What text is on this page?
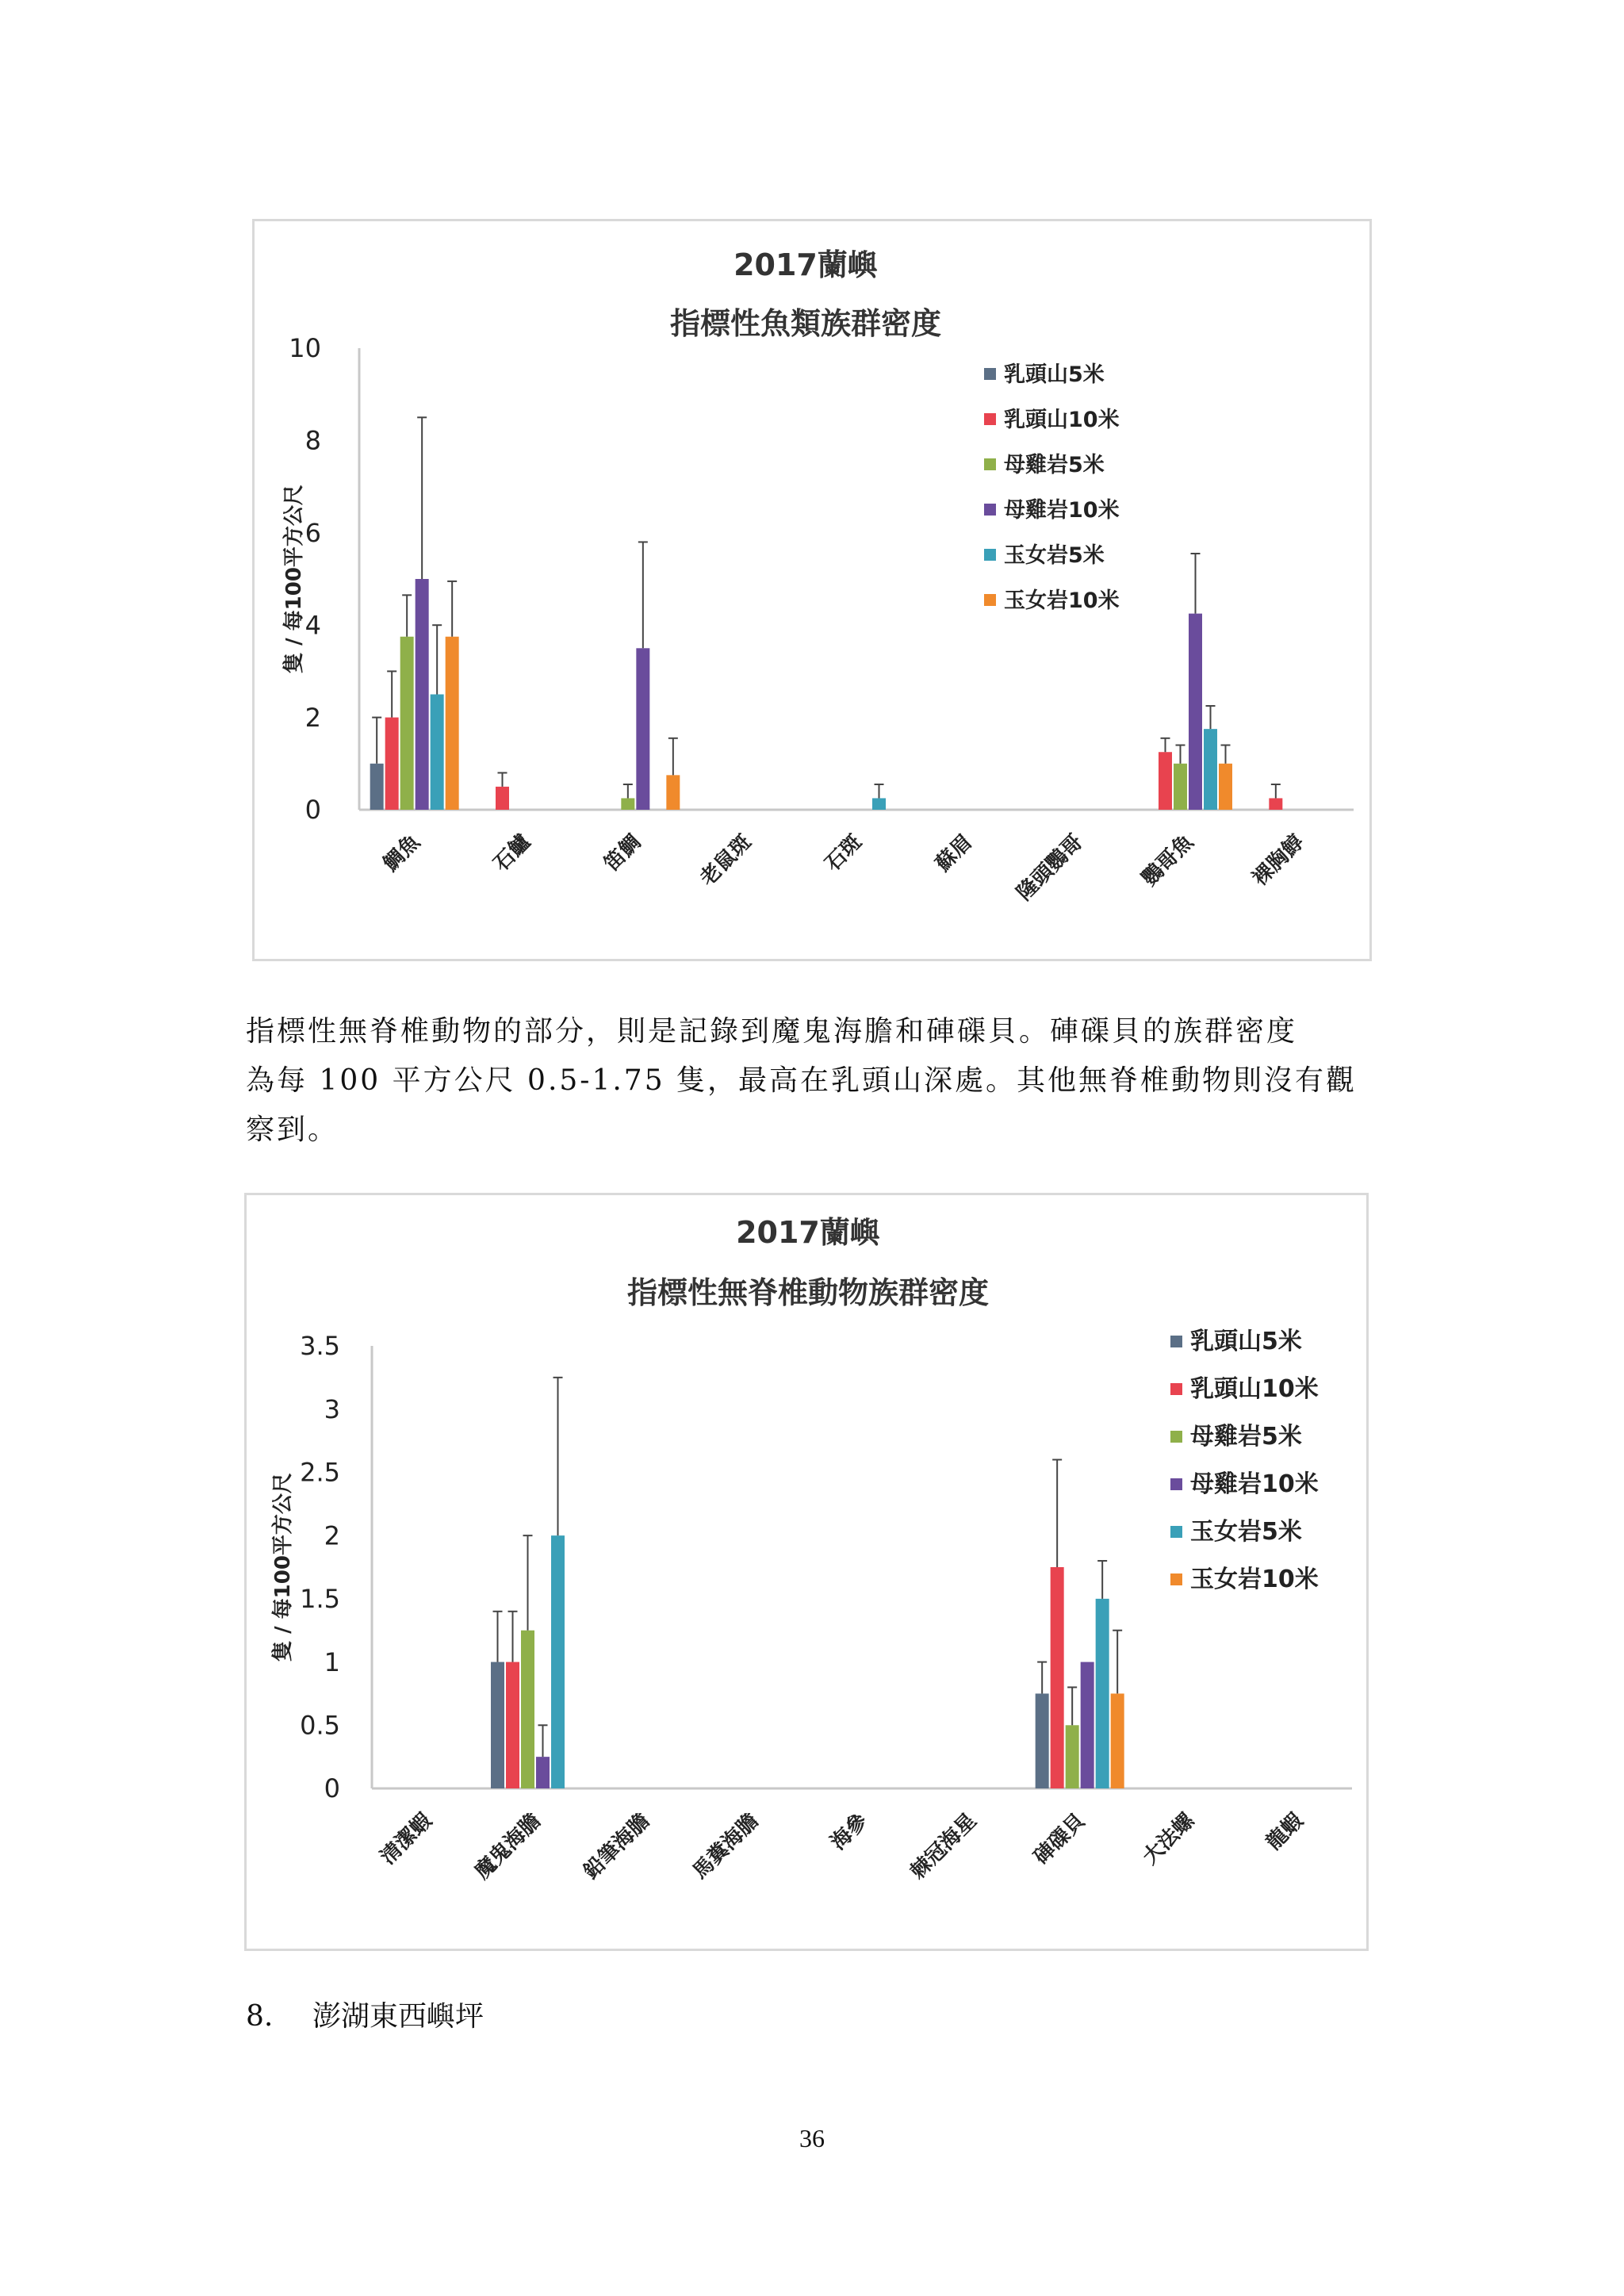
2017蘭嶼
指標性魚類族群密度
隻 / 每100平方公尺
0
2
4
6
8
10
鯛魚	石鱸	笛鯛 老鼠斑	石斑	蘇眉 隆頭鸚哥 鸚哥魚 裸胸鯙
乳頭山5米
乳頭山10米
母雞岩5米
母雞岩10米
玉女岩5米
玉女岩10米
指標性無脊椎動物的部分，則是記錄到魔鬼海膽和硨磲貝。硨磲貝的族群密度
為每 100 平方公尺 0.5-1.75 隻，最高在乳頭山深處。其他無脊椎動物則沒有觀
察到。
2017蘭嶼
指標性無脊椎動物族群密度
隻 / 每100平方公尺
0
0.5
1
1.5
2
2.5
3
3.5
清潔蝦 魔鬼海膽 鉛筆海膽 馬糞海膽	海參 棘冠海星 硨磲貝 大法螺	龍蝦
乳頭山5米
乳頭山10米
母雞岩5米
母雞岩10米
玉女岩5米
玉女岩10米
8. 澎湖東西嶼坪
36
